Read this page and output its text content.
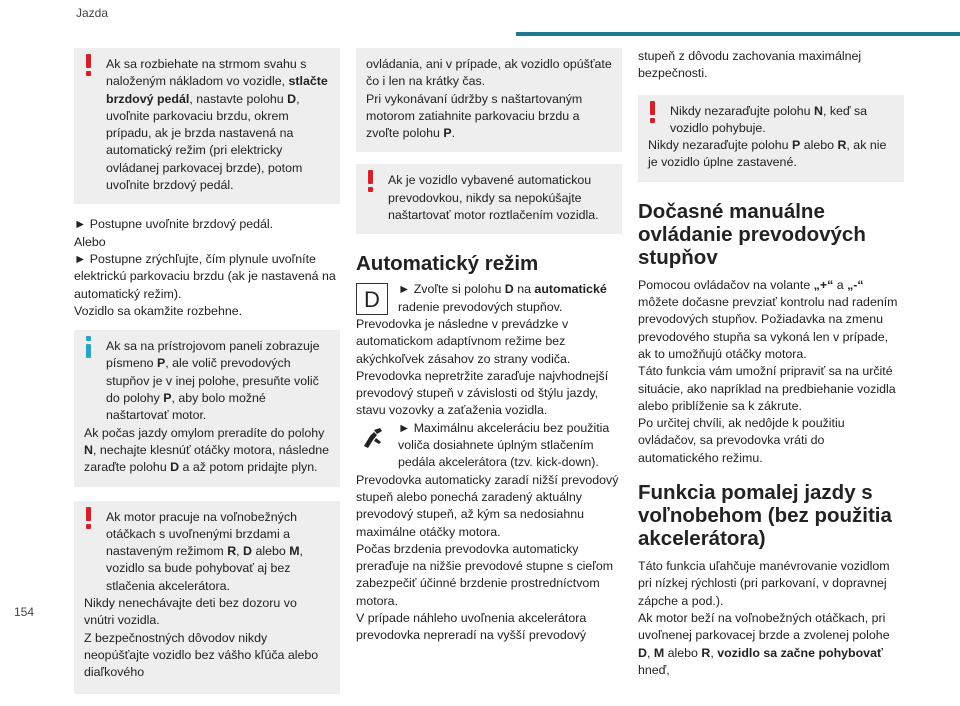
Jazda

Ak sa rozbiehate na strmom svahu s naloženým nákladom vo vozidle, stlačte brzdový pedál, nastavte polohu D, uvoľnite parkovaciu brzdu, okrem prípadu, ak je brzda nastavená na automatický režim (pri elektricky ovládanej parkovacej brzde), potom uvoľnite brzdový pedál.

► Postupne uvoľnite brzdový pedál.

Alebo

► Postupne zrýchľujte, čím plynule uvoľníte elektrickú parkovaciu brzdu (ak je nastavená na automatický režim).

Vozidlo sa okamžite rozbehne.

Ak sa na prístrojovom paneli zobrazuje písmeno P, ale volič prevodových stupňov je v inej polohe, presuňte volič do polohy P, aby bolo možné naštartovať motor.

Ak počas jazdy omylom preradíte do polohy N, nechajte klesnúť otáčky motora, následne zaraďte polohu D a až potom pridajte plyn.

Ak motor pracuje na voľnobežných otáčkach s uvoľnenými brzdami a nastaveným režimom R, D alebo M, vozidlo sa bude pohybovať aj bez stlačenia akcelerátora.

Nikdy nenechávajte deti bez dozoru vo vnútri vozidla.

Z bezpečnostných dôvodov nikdy neopúšťajte vozidlo bez vášho kľúča alebo diaľkového

ovládania, ani v prípade, ak vozidlo opúšťate čo i len na krátky čas.

Pri vykonávaní údržby s naštartovaným motorom zatiahnite parkovaciu brzdu a zvoľte polohu P.

Ak je vozidlo vybavené automatickou prevodovkou, nikdy sa nepokúšajte naštartovať motor roztlačením vozidla.

Automatický režim
D ► Zvoľte si polohu D na automatické radenie prevodových stupňov.

Prevodovka je následne v prevádzke v automatickom adaptívnom režime bez akýchkoľvek zásahov zo strany vodiča.

Prevodovka nepretržite zaraďuje najvhodnejší prevodový stupeň v závislosti od štýlu jazdy, stavu vozovky a zaťaženia vozidla.

► Maximálnu akceleráciu bez použitia voliča dosiahnete úplným stlačením pedála akcelerátora (tzv. kick-down).

Prevodovka automaticky zaradí nižší prevodový stupeň alebo ponechá zaradený aktuálny prevodový stupeň, až kým sa nedosiahnu maximálne otáčky motora.

Počas brzdenia prevodovka automaticky preraďuje na nižšie prevodové stupne s cieľom zabezpečiť účinné brzdenie prostredníctvom motora.

V prípade náhleho uvoľnenia akcelerátora prevodovka nepreradí na vyšší prevodový

stupeň z dôvodu zachovania maximálnej bezpečnosti.

Nikdy nezaraďujte polohu N, keď sa vozidlo pohybuje.

Nikdy nezaraďujte polohu P alebo R, ak nie je vozidlo úplne zastavené.

Dočasné manuálne ovládanie prevodových stupňov

Pomocou ovládačov na volante „+“ a „-“ môžete dočasne prevziať kontrolu nad radením prevodových stupňov. Požiadavka na zmenu prevodového stupňa sa vykoná len v prípade, ak to umožňujú otáčky motora.

Táto funkcia vám umožní pripraviť sa na určité situácie, ako napríklad na predbiehanie vozidla alebo priblíženie sa k zákrute.

Po určitej chvíli, ak nedôjde k použitiu ovládačov, sa prevodovka vráti do automatického režimu.

Funkcia pomalej jazdy s voľnobehom (bez použitia akcelerátora)

Táto funkcia uľahčuje manévrovanie vozidlom pri nízkej rýchlosti (pri parkovaní, v dopravnej zápche a pod.).

Ak motor beží na voľnobežných otáčkach, pri uvoľnenej parkovacej brzde a zvolenej polohe D, M alebo R, vozidlo sa začne pohybovať hneď,

154
